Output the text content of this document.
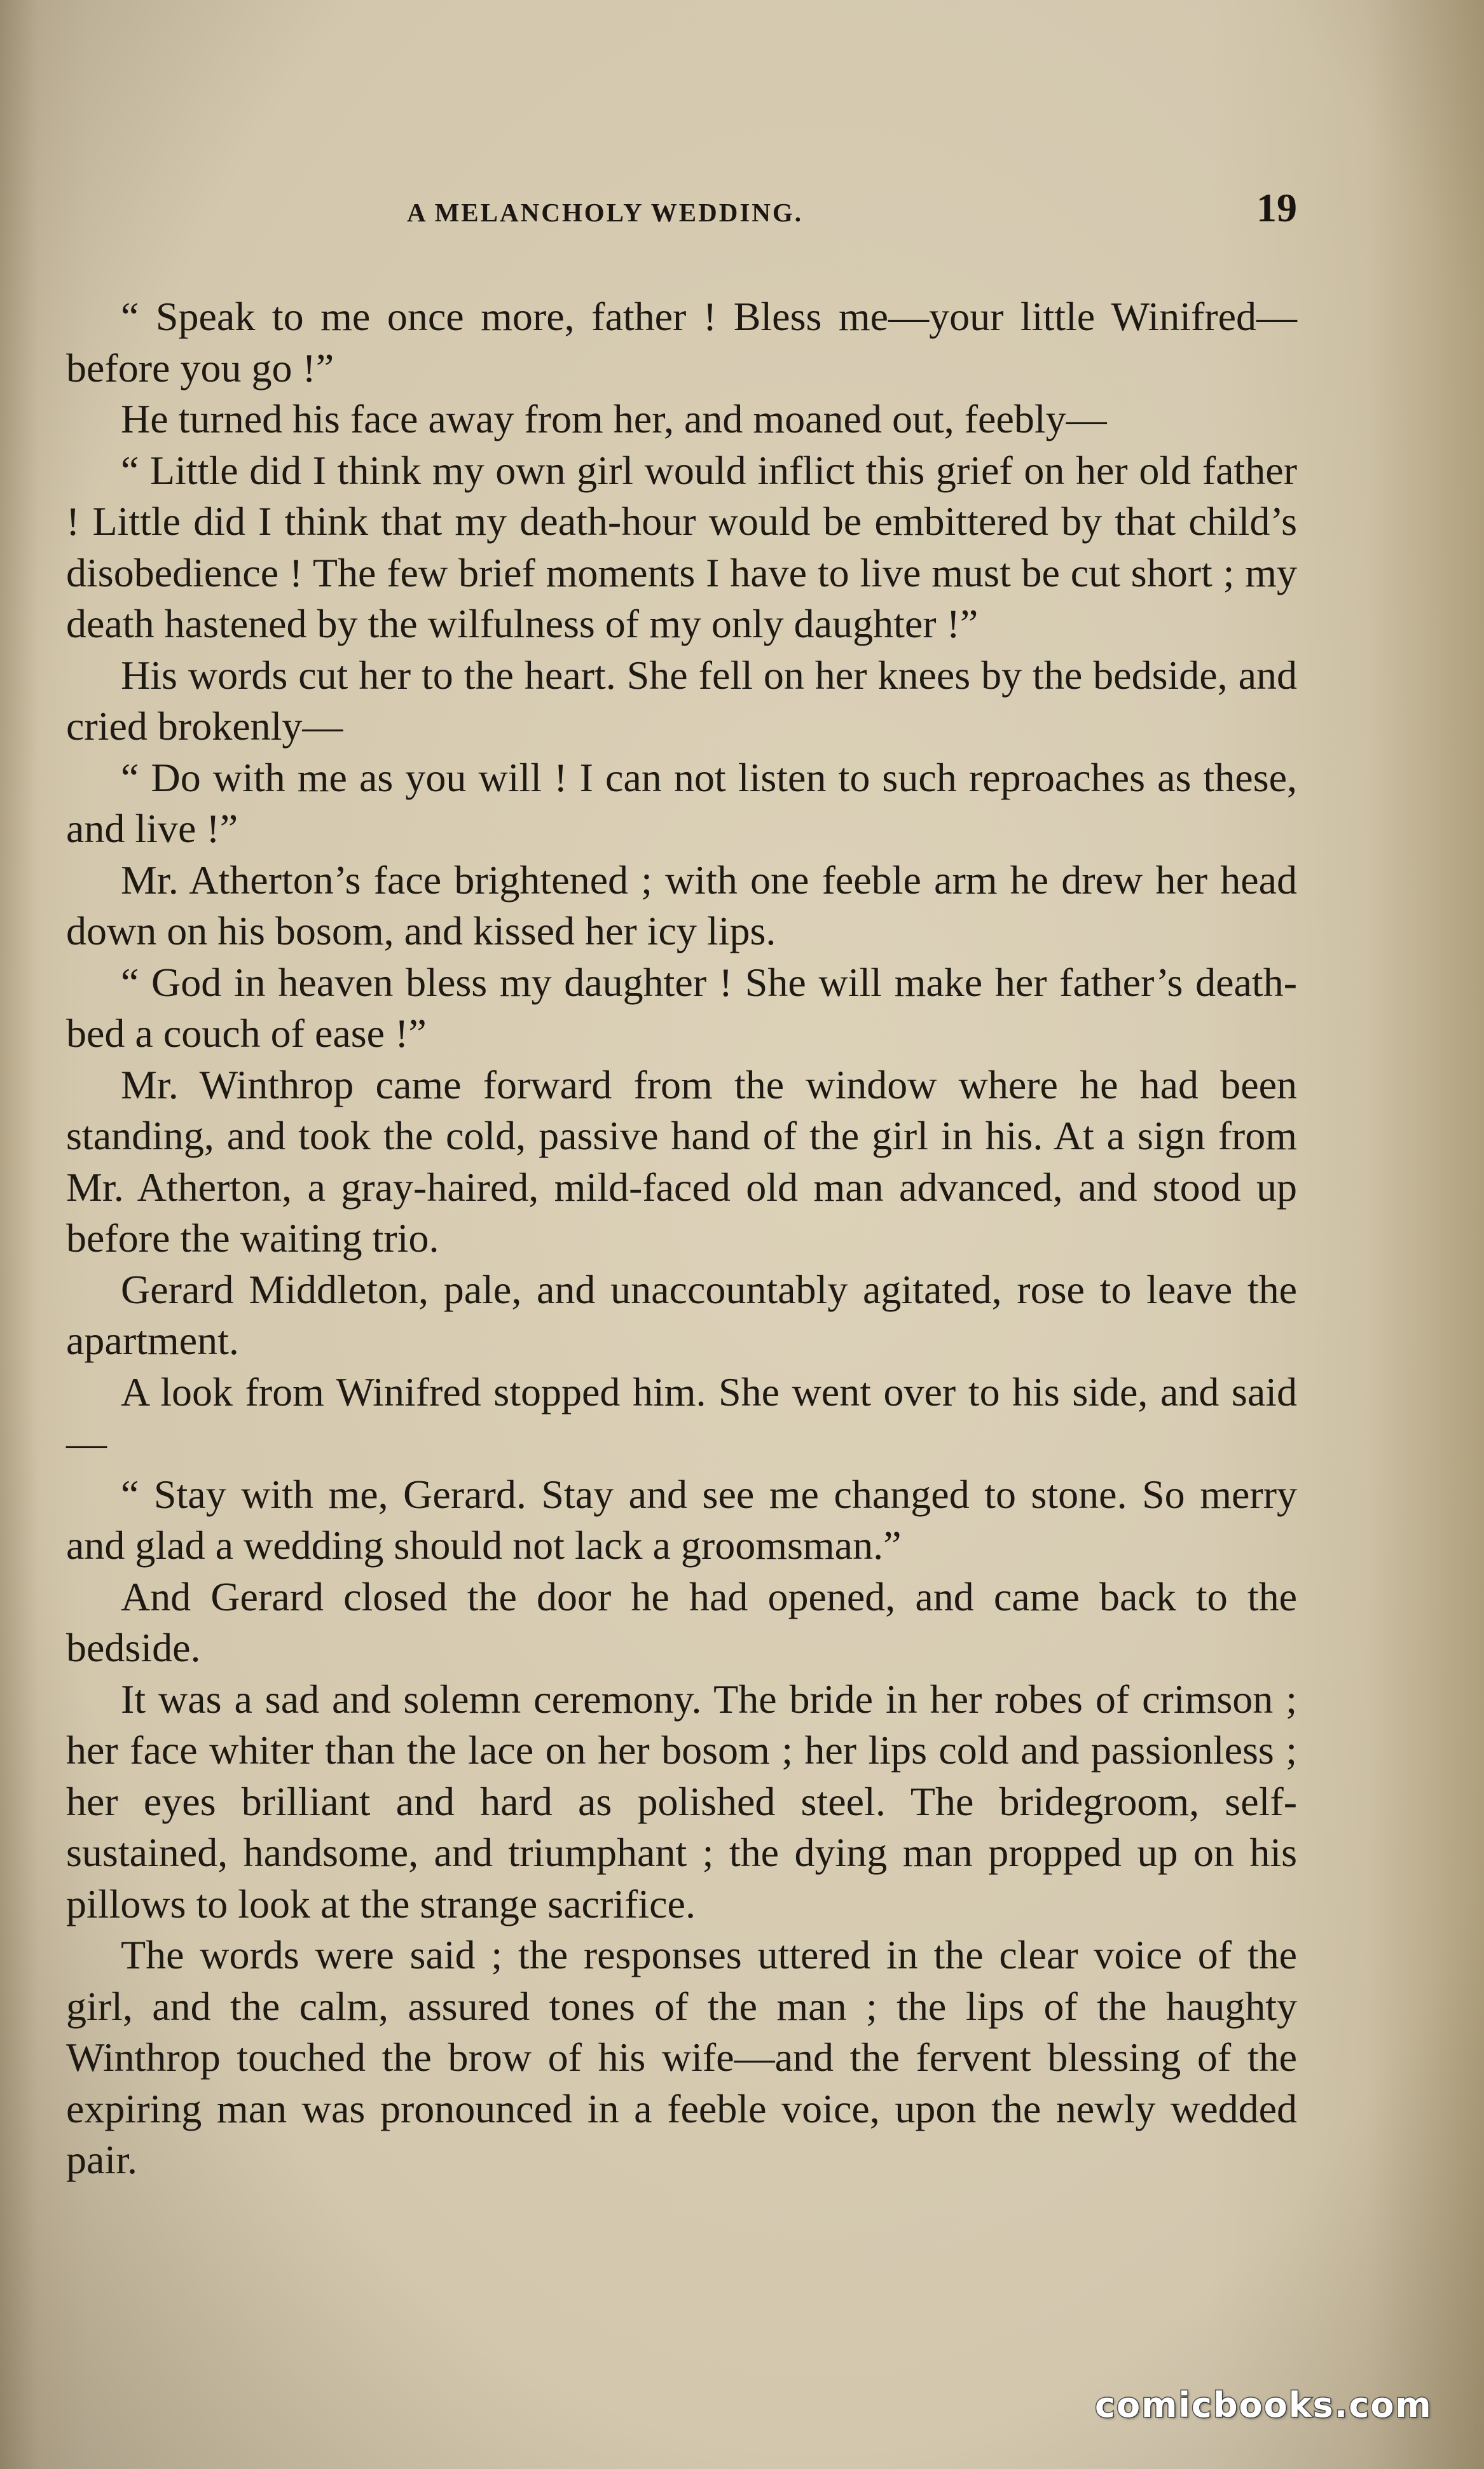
A MELANCHOLY WEDDING.	19

“ Speak to me once more, father ! Bless me—your little Winifred—before you go !”

He turned his face away from her, and moaned out, feebly—

“ Little did I think my own girl would inflict this grief on her old father ! Little did I think that my death-hour would be embittered by that child’s disobedience ! The few brief moments I have to live must be cut short ; my death hastened by the wilfulness of my only daughter !”

His words cut her to the heart. She fell on her knees by the bedside, and cried brokenly—

“ Do with me as you will ! I can not listen to such reproaches as these, and live !”

Mr. Atherton’s face brightened ; with one feeble arm he drew her head down on his bosom, and kissed her icy lips.

“ God in heaven bless my daughter ! She will make her father’s death-bed a couch of ease !”

Mr. Winthrop came forward from the window where he had been standing, and took the cold, passive hand of the girl in his. At a sign from Mr. Atherton, a gray-haired, mild-faced old man advanced, and stood up before the waiting trio.

Gerard Middleton, pale, and unaccountably agitated, rose to leave the apartment.

A look from Winifred stopped him. She went over to his side, and said—

“ Stay with me, Gerard. Stay and see me changed to stone. So merry and glad a wedding should not lack a groomsman.”

And Gerard closed the door he had opened, and came back to the bedside.

It was a sad and solemn ceremony. The bride in her robes of crimson ; her face whiter than the lace on her bosom ; her lips cold and passionless ; her eyes brilliant and hard as polished steel. The bridegroom, self-sustained, handsome, and triumphant ; the dying man propped up on his pillows to look at the strange sacrifice.

The words were said ; the responses uttered in the clear voice of the girl, and the calm, assured tones of the man ; the lips of the haughty Winthrop touched the brow of his wife—and the fervent blessing of the expiring man was pronounced in a feeble voice, upon the newly wedded pair.

comicbooks.com
